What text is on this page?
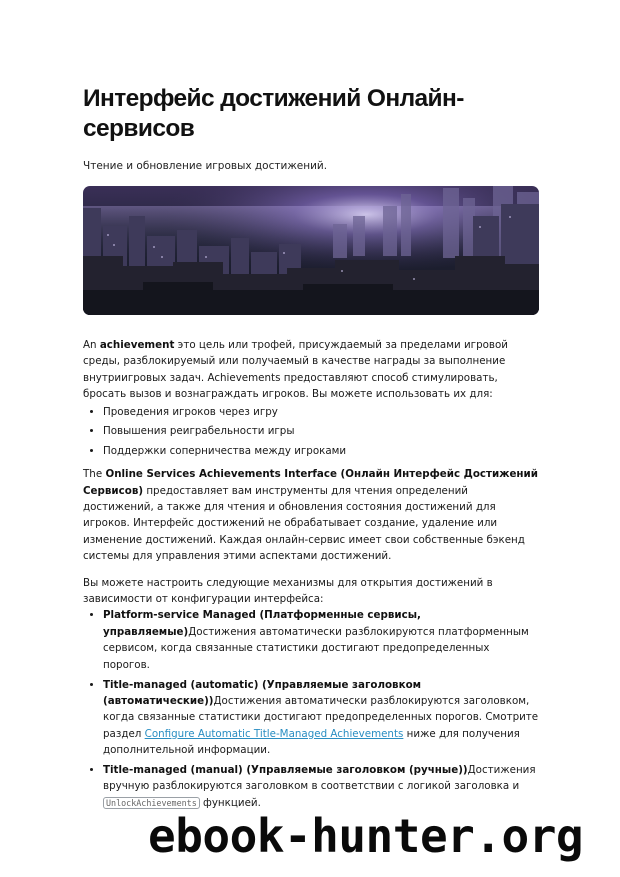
Интерфейс достижений Онлайн-сервисов
Чтение и обновление игровых достижений.

An achievement это цель или трофей, присуждаемый за пределами игровой среды, разблокируемый или получаемый в качестве награды за выполнение внутриигровых задач. Achievements предоставляют способ стимулировать, бросать вызов и вознаграждать игроков. Вы можете использовать их для:

• Проведения игроков через игру
• Повышения реиграбельности игры
• Поддержки соперничества между игроками

The Online Services Achievements Interface (Онлайн Интерфейс Достижений Сервисов) предоставляет вам инструменты для чтения определений достижений, а также для чтения и обновления состояния достижений для игроков. Интерфейс достижений не обрабатывает создание, удаление или изменение достижений. Каждая онлайн-сервис имеет свои собственные бэкенд системы для управления этими аспектами достижений.

Вы можете настроить следующие механизмы для открытия достижений в зависимости от конфигурации интерфейса:

• Platform-service Managed (Платформенные сервисы, управляемые)Достижения автоматически разблокируются платформенным сервисом, когда связанные статистики достигают предопределенных порогов.
• Title-managed (automatic) (Управляемые заголовком (автоматические))Достижения автоматически разблокируются заголовком, когда связанные статистики достигают предопределенных порогов. Смотрите раздел Configure Automatic Title-Managed Achievements ниже для получения дополнительной информации.
• Title-managed (manual) (Управляемые заголовком (ручные))Достижения вручную разблокируются заголовком в соответствии с логикой заголовка и UnlockAchievements функцией.
ebook-hunter.org
